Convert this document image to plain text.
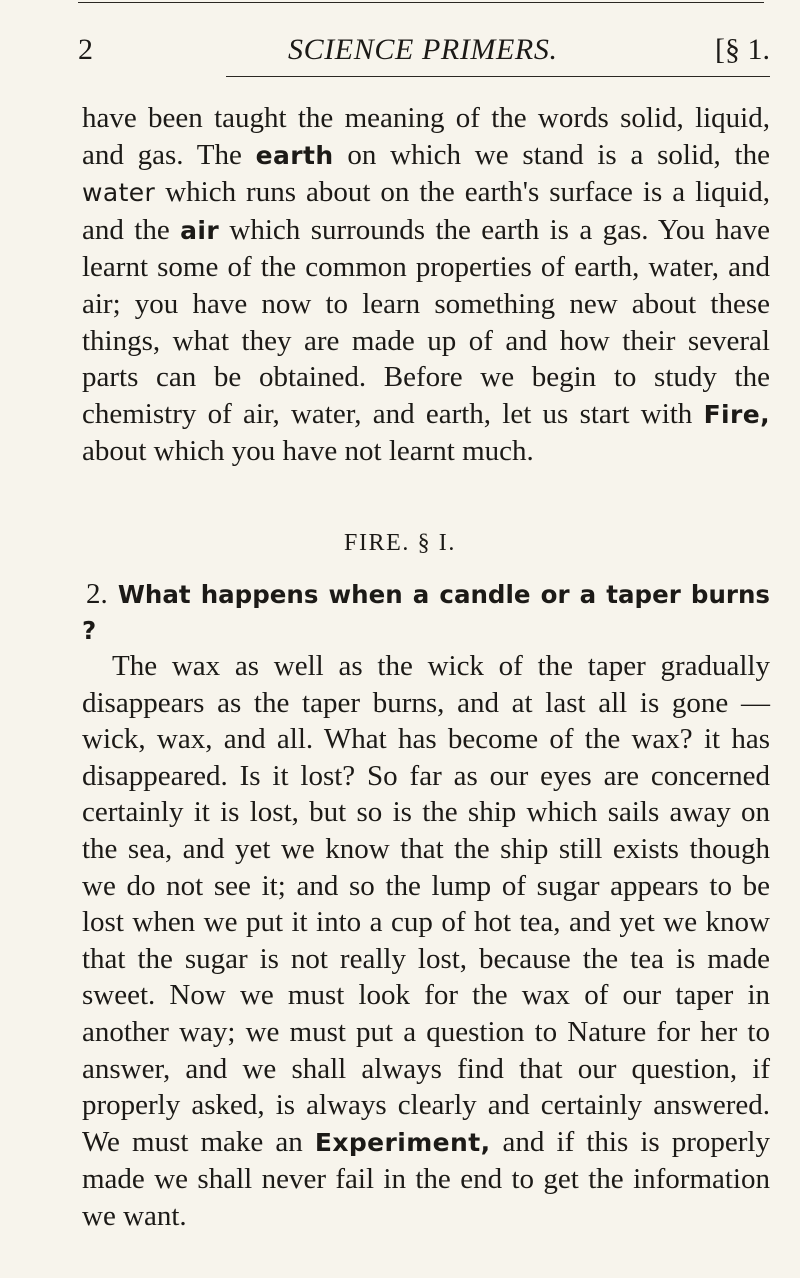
2	SCIENCE PRIMERS.	[§ 1.

have been taught the meaning of the words solid, liquid, and gas. The earth on which we stand is a solid, the water which runs about on the earth's surface is a liquid, and the air which surrounds the earth is a gas. You have learnt some of the common properties of earth, water, and air; you have now to learn something new about these things, what they are made up of and how their several parts can be obtained. Before we begin to study the chemistry of air, water, and earth, let us start with Fire, about which you have not learnt much.

FIRE. § I.

2. What happens when a candle or a taper burns ?

The wax as well as the wick of the taper gradually disappears as the taper burns, and at last all is gone —wick, wax, and all. What has become of the wax? it has disappeared. Is it lost? So far as our eyes are concerned certainly it is lost, but so is the ship which sails away on the sea, and yet we know that the ship still exists though we do not see it; and so the lump of sugar appears to be lost when we put it into a cup of hot tea, and yet we know that the sugar is not really lost, because the tea is made sweet. Now we must look for the wax of our taper in another way; we must put a question to Nature for her to answer, and we shall always find that our question, if properly asked, is always clearly and certainly answered. We must make an Experiment, and if this is properly made we shall never fail in the end to get the information we want.
